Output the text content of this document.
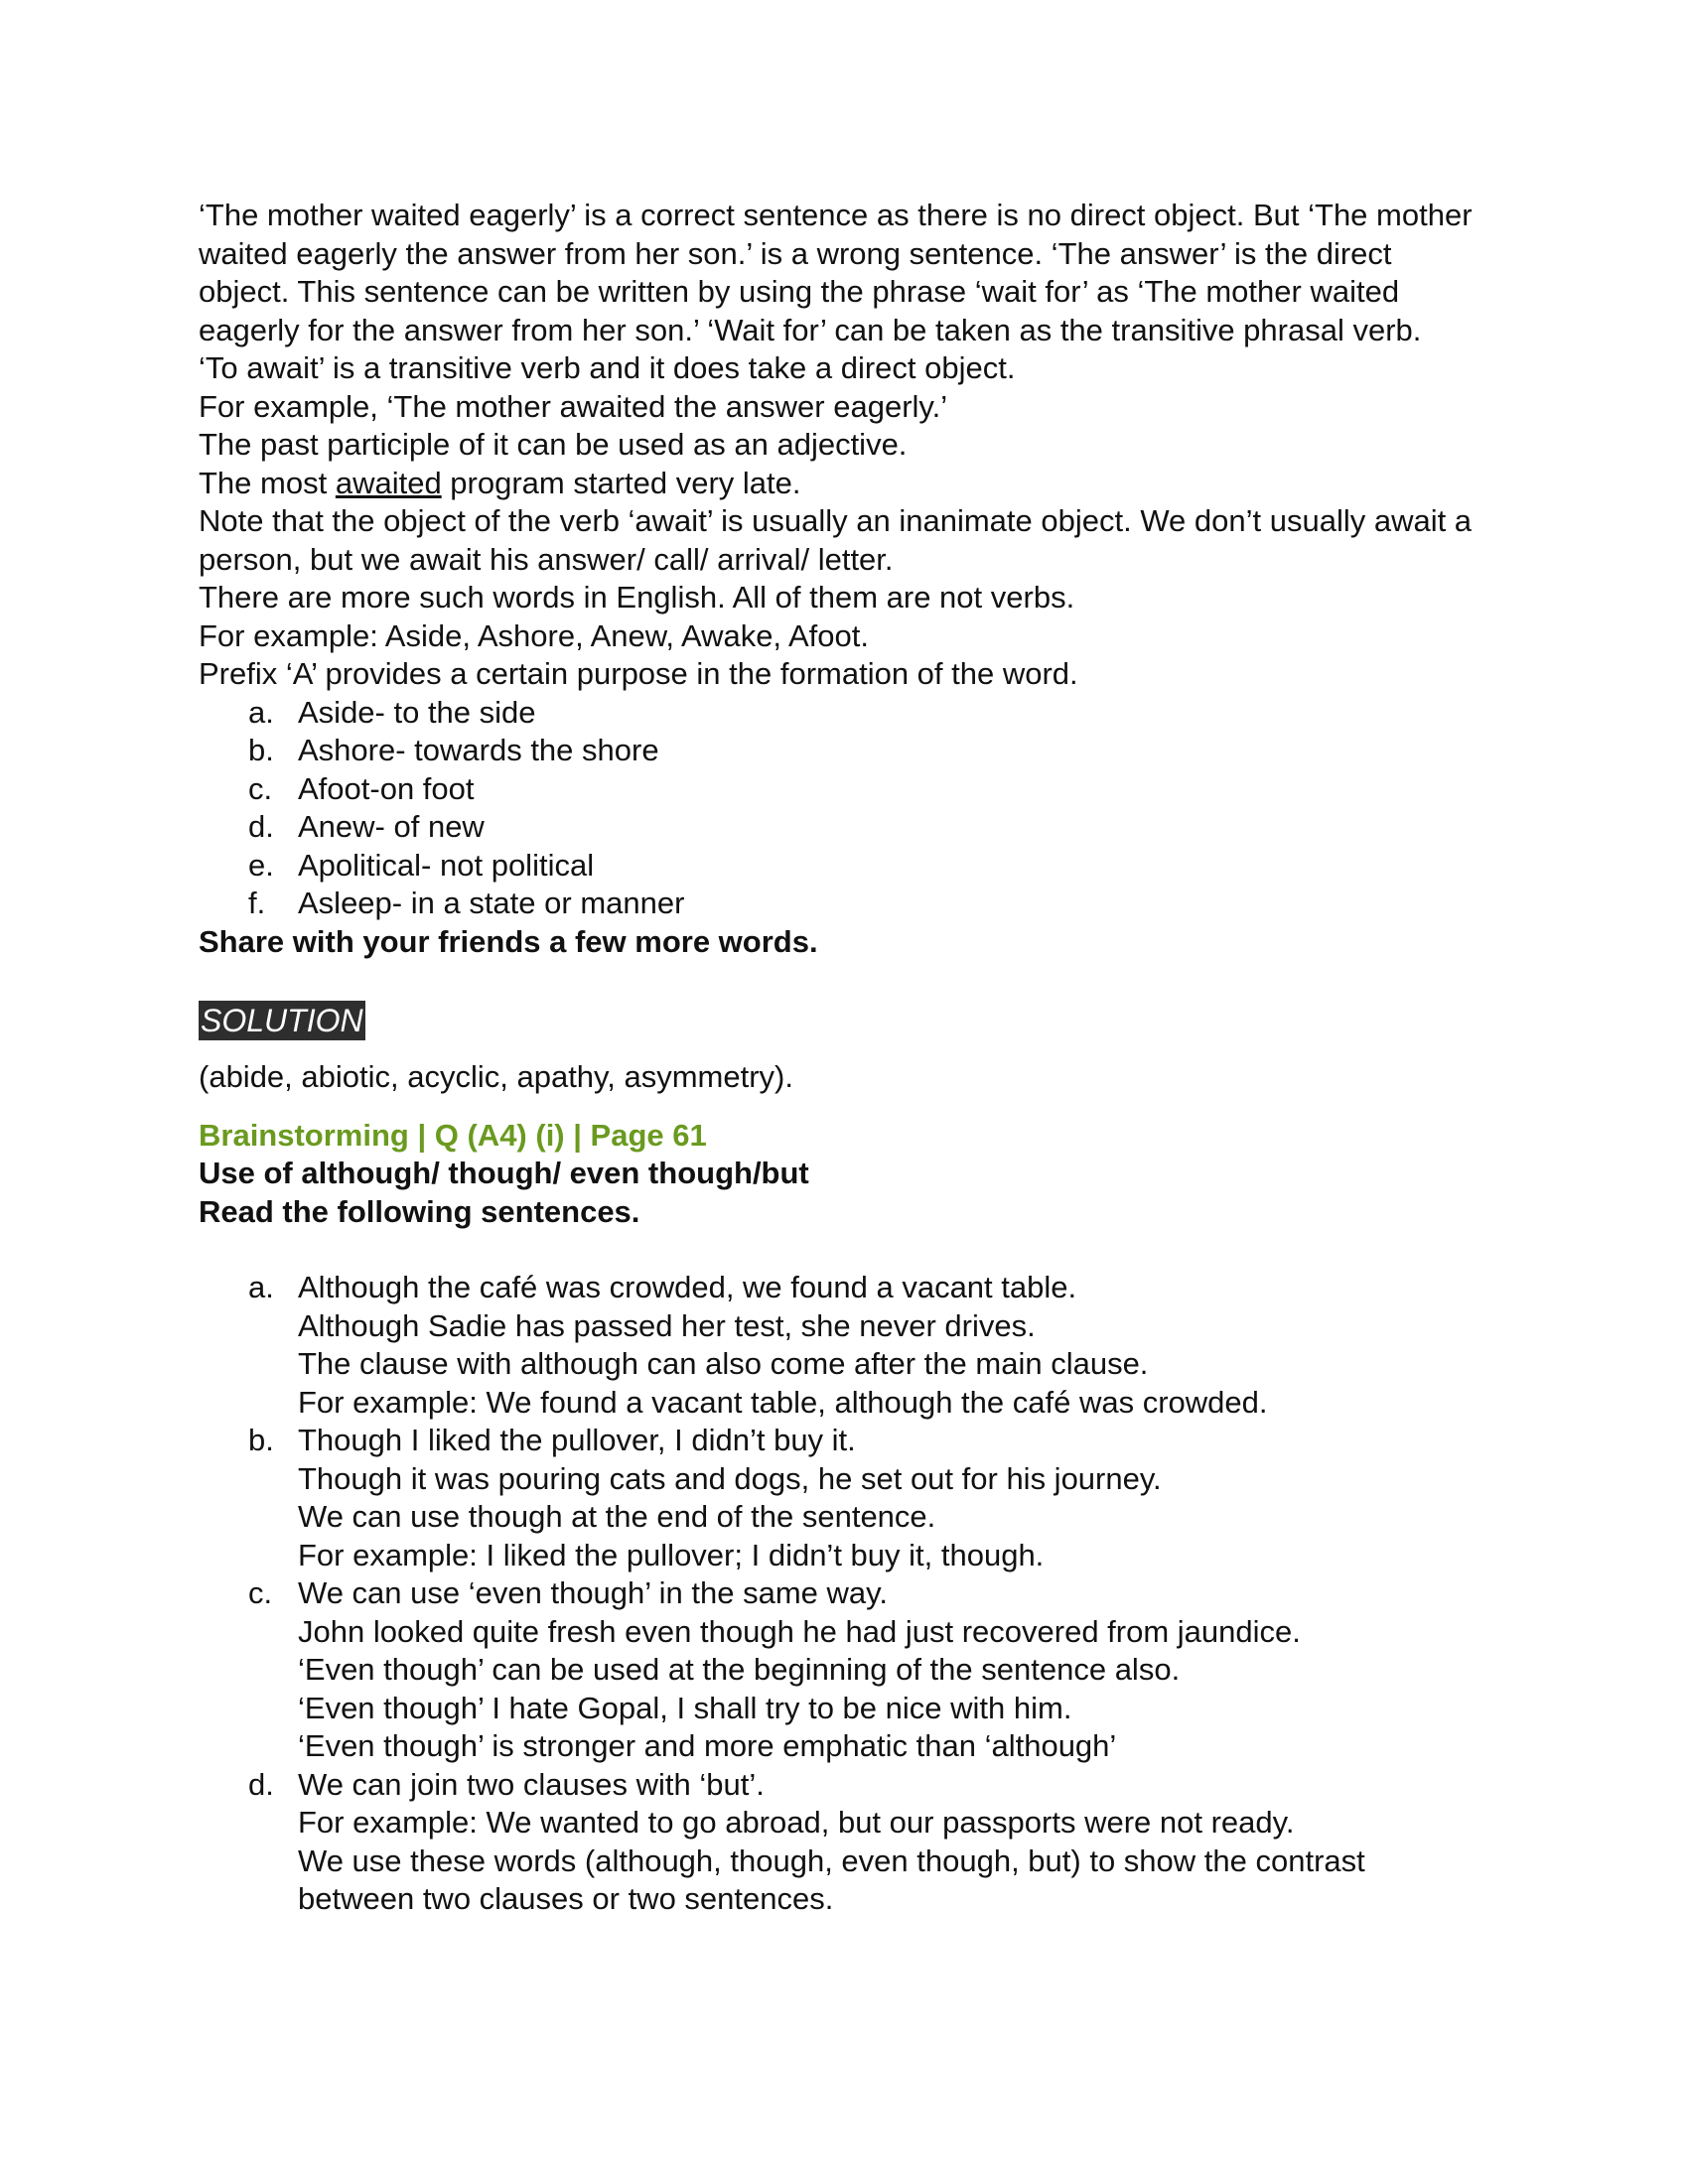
‘The mother waited eagerly’ is a correct sentence as there is no direct object. But ‘The mother waited eagerly the answer from her son.’ is a wrong sentence. ‘The answer’ is the direct object. This sentence can be written by using the phrase ‘wait for’ as ‘The mother waited eagerly for the answer from her son.’ ‘Wait for’ can be taken as the transitive phrasal verb.

‘To await’ is a transitive verb and it does take a direct object.

For example, ‘The mother awaited the answer eagerly.’

The past participle of it can be used as an adjective.

The most awaited program started very late.

Note that the object of the verb ‘await’ is usually an inanimate object. We don’t usually await a person, but we await his answer/ call/ arrival/ letter.

There are more such words in English. All of them are not verbs.

For example: Aside, Ashore, Anew, Awake, Afoot.

Prefix ‘A’ provides a certain purpose in the formation of the word.

a. Aside- to the side
b. Ashore- towards the shore
c. Afoot-on foot
d. Anew- of new
e. Apolitical- not political
f. Asleep- in a state or manner

Share with your friends a few more words.

SOLUTION

(abide, abiotic, acyclic, apathy, asymmetry).

Brainstorming | Q (A4) (i) | Page 61

Use of although/ though/ even though/but

Read the following sentences.

a. Although the café was crowded, we found a vacant table.
Although Sadie has passed her test, she never drives.
The clause with although can also come after the main clause.
For example: We found a vacant table, although the café was crowded.
b. Though I liked the pullover, I didn’t buy it.
Though it was pouring cats and dogs, he set out for his journey.
We can use though at the end of the sentence.
For example: I liked the pullover; I didn’t buy it, though.
c. We can use ‘even though’ in the same way.
John looked quite fresh even though he had just recovered from jaundice.
‘Even though’ can be used at the beginning of the sentence also.
‘Even though’ I hate Gopal, I shall try to be nice with him.
‘Even though’ is stronger and more emphatic than ‘although’
d. We can join two clauses with ‘but’.
For example: We wanted to go abroad, but our passports were not ready.
We use these words (although, though, even though, but) to show the contrast between two clauses or two sentences.
